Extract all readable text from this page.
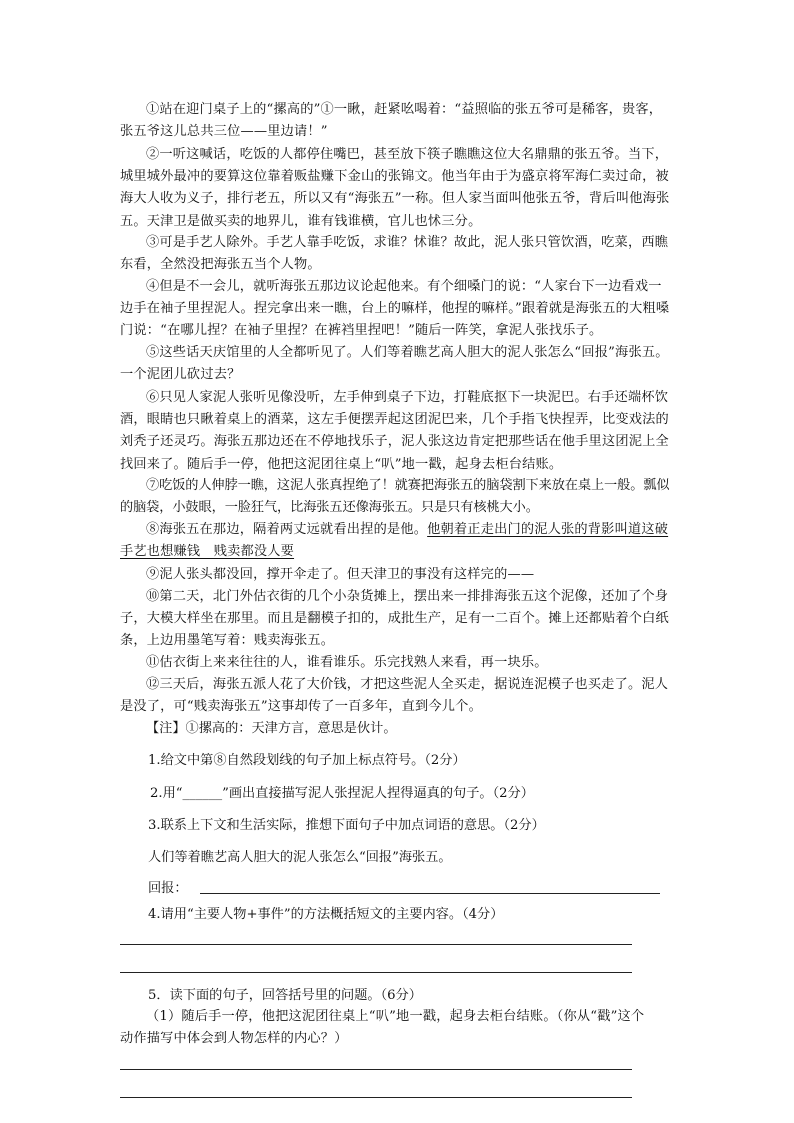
①站在迎门桌子上的“摞高的”①一瞅，赶紧吆喝着：“益照临的张五爷可是稀客，贵客，张五爷这儿总共三位——里边请！”

②一听这喊话，吃饭的人都停住嘴巴，甚至放下筷子瞧瞧这位大名鼎鼎的张五爷。当下，城里城外最冲的要算这位靠着贩盐赚下金山的张锦文。他当年由于为盛京将军海仁卖过命，被海大人收为义子，排行老五，所以又有“海张五”一称。但人家当面叫他张五爷，背后叫他海张五。天津卫是做买卖的地界儿，谁有钱谁横，官儿也怵三分。

③可是手艺人除外。手艺人靠手吃饭，求谁？怵谁？故此，泥人张只管饮酒，吃菜，西瞧东看，全然没把海张五当个人物。

④但是不一会儿，就听海张五那边议论起他来。有个细嗓门的说：“人家台下一边看戏一边手在袖子里捏泥人。捏完拿出来一瞧，台上的嘛样，他捏的嘛样。”跟着就是海张五的大粗嗓门说：“在哪儿捏？在袖子里捏？在裤裆里捏吧！”随后一阵笑，拿泥人张找乐子。

⑤这些话天庆馆里的人全都听见了。人们等着瞧艺高人胆大的泥人张怎么“回报”海张五。一个泥团儿砍过去？

⑥只见人家泥人张听见像没听，左手伸到桌子下边，打鞋底抠下一块泥巴。右手还端杯饮酒，眼睛也只瞅着桌上的酒菜，这左手便摆弄起这团泥巴来，几个手指飞快捏弄，比变戏法的刘秃子还灵巧。海张五那边还在不停地找乐子，泥人张这边肯定把那些话在他手里这团泥上全找回来了。随后手一停，他把这泥团往桌上“叭”地一戳，起身去柜台结账。

⑦吃饭的人伸脖一瞧，这泥人张真捏绝了！就赛把海张五的脑袋割下来放在桌上一般。瓢似的脑袋，小鼓眼，一脸狂气，比海张五还像海张五。只是只有核桃大小。

⑧海张五在那边，隔着两丈远就看出捏的是他。他朝着正走出门的泥人张的背影叫道这破手艺也想赚钱　贱卖都没人要

⑨泥人张头都没回，撑开伞走了。但天津卫的事没有这样完的——

⑩第二天，北门外估衣街的几个小杂货摊上，摆出来一排排海张五这个泥像，还加了个身子，大模大样坐在那里。而且是翻模子扣的，成批生产，足有一二百个。摊上还都贴着个白纸条，上边用墨笔写着：贱卖海张五。

⑪估衣街上来来往往的人，谁看谁乐。乐完找熟人来看，再一块乐。

⑫三天后，海张五派人花了大价钱，才把这些泥人全买走，据说连泥模子也买走了。泥人是没了，可“贱卖海张五”这事却传了一百多年，直到今儿个。

【注】①摞高的：天津方言，意思是伙计。

1.给文中第⑧自然段划线的句子加上标点符号。（2分）

2.用“______”画出直接描写泥人张捏泥人捏得逼真的句子。（2分）

3.联系上下文和生活实际，推想下面句子中加点词语的意思。（2分）

人们等着瞧艺高人胆大的泥人张怎么“回报”海张五。

回报：

4.请用“主要人物+事件”的方法概括短文的主要内容。（4分）

5．读下面的句子，回答括号里的问题。（6分）

（1）随后手一停，他把这泥团往桌上“叭”地一戳，起身去柜台结账。（你从“戳”这个动作描写中体会到人物怎样的内心？）
